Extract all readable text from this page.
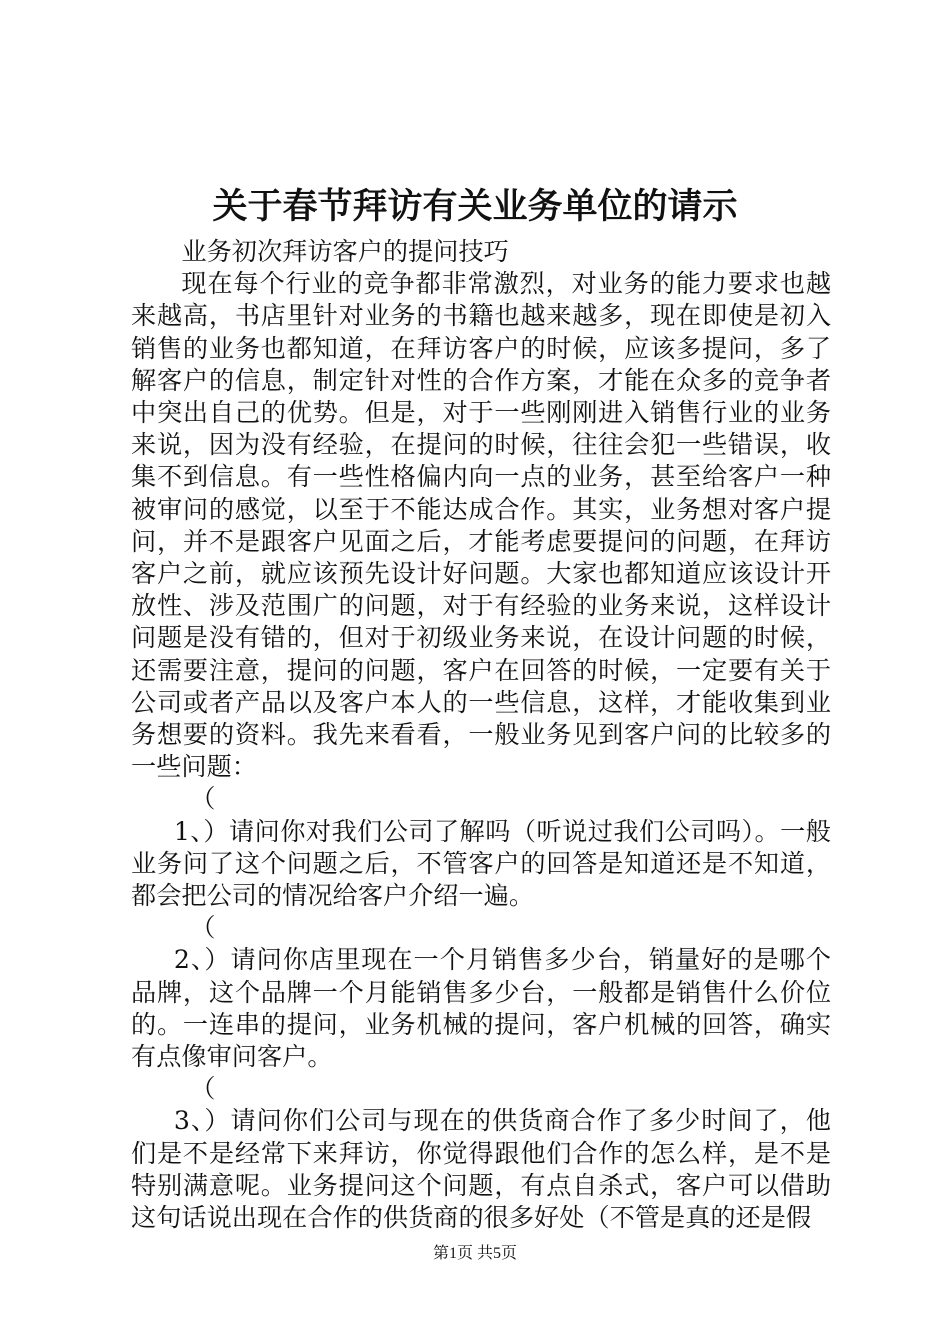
关于春节拜访有关业务单位的请示

业务初次拜访客户的提问技巧

现在每个行业的竞争都非常激烈，对业务的能力要求也越来越高，书店里针对业务的书籍也越来越多，现在即使是初入销售的业务也都知道，在拜访客户的时候，应该多提问，多了解客户的信息，制定针对性的合作方案，才能在众多的竞争者中突出自己的优势。但是，对于一些刚刚进入销售行业的业务来说，因为没有经验，在提问的时候，往往会犯一些错误，收集不到信息。有一些性格偏内向一点的业务，甚至给客户一种被审问的感觉，以至于不能达成合作。其实，业务想对客户提问，并不是跟客户见面之后，才能考虑要提问的问题，在拜访客户之前，就应该预先设计好问题。大家也都知道应该设计开放性、涉及范围广的问题，对于有经验的业务来说，这样设计问题是没有错的，但对于初级业务来说，在设计问题的时候，还需要注意，提问的问题，客户在回答的时候，一定要有关于公司或者产品以及客户本人的一些信息，这样，才能收集到业务想要的资料。我先来看看，一般业务见到客户问的比较多的一些问题：

（

1、）请问你对我们公司了解吗（听说过我们公司吗）。一般业务问了这个问题之后，不管客户的回答是知道还是不知道，都会把公司的情况给客户介绍一遍。

（

2、）请问你店里现在一个月销售多少台，销量好的是哪个品牌，这个品牌一个月能销售多少台，一般都是销售什么价位的。一连串的提问，业务机械的提问，客户机械的回答，确实有点像审问客户。

（

3、）请问你们公司与现在的供货商合作了多少时间了，他们是不是经常下来拜访，你觉得跟他们合作的怎么样，是不是特别满意呢。业务提问这个问题，有点自杀式，客户可以借助这句话说出现在合作的供货商的很多好处（不管是真的还是假

第1页 共5页
